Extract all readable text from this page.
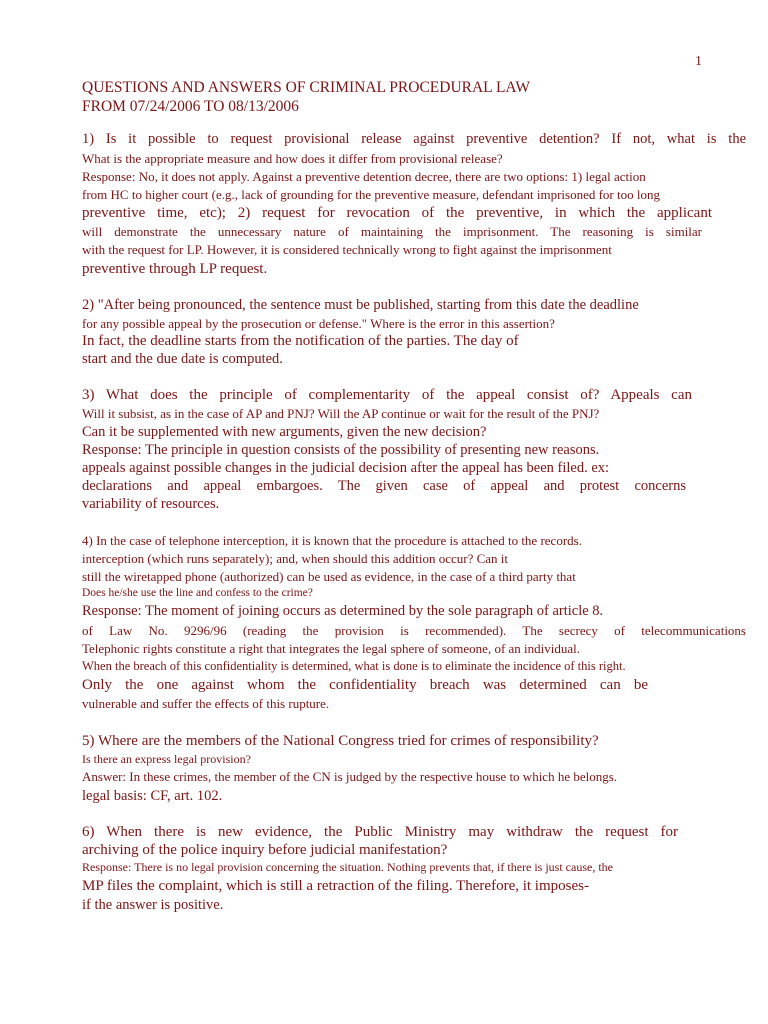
1
QUESTIONS AND ANSWERS OF CRIMINAL PROCEDURAL LAW
FROM 07/24/2006 TO 08/13/2006
1) Is it possible to request provisional release against preventive detention? If not, what is the
What is the appropriate measure and how does it differ from provisional release?
Response: No, it does not apply. Against a preventive detention decree, there are two options: 1) legal action
from HC to higher court (e.g., lack of grounding for the preventive measure, defendant imprisoned for too long
preventive time, etc); 2) request for revocation of the preventive, in which the applicant
will demonstrate the unnecessary nature of maintaining the imprisonment. The reasoning is similar
with the request for LP. However, it is considered technically wrong to fight against the imprisonment
preventive through LP request.
2) "After being pronounced, the sentence must be published, starting from this date the deadline
for any possible appeal by the prosecution or defense." Where is the error in this assertion?
In fact, the deadline starts from the notification of the parties. The day of
start and the due date is computed.
3) What does the principle of complementarity of the appeal consist of? Appeals can
Will it subsist, as in the case of AP and PNJ? Will the AP continue or wait for the result of the PNJ?
Can it be supplemented with new arguments, given the new decision?
Response: The principle in question consists of the possibility of presenting new reasons.
appeals against possible changes in the judicial decision after the appeal has been filed. ex:
declarations and appeal embargoes. The given case of appeal and protest concerns
variability of resources.
4) In the case of telephone interception, it is known that the procedure is attached to the records.
interception (which runs separately); and, when should this addition occur? Can it
still the wiretapped phone (authorized) can be used as evidence, in the case of a third party that
Does he/she use the line and confess to the crime?
Response: The moment of joining occurs as determined by the sole paragraph of article 8.
of Law No. 9296/96 (reading the provision is recommended). The secrecy of telecommunications
Telephonic rights constitute a right that integrates the legal sphere of someone, of an individual.
When the breach of this confidentiality is determined, what is done is to eliminate the incidence of this right.
Only the one against whom the confidentiality breach was determined can be
vulnerable and suffer the effects of this rupture.
5) Where are the members of the National Congress tried for crimes of responsibility?
Is there an express legal provision?
Answer: In these crimes, the member of the CN is judged by the respective house to which he belongs.
legal basis: CF, art. 102.
6) When there is new evidence, the Public Ministry may withdraw the request for
archiving of the police inquiry before judicial manifestation?
Response: There is no legal provision concerning the situation. Nothing prevents that, if there is just cause, the
MP files the complaint, which is still a retraction of the filing. Therefore, it imposes-
if the answer is positive.
